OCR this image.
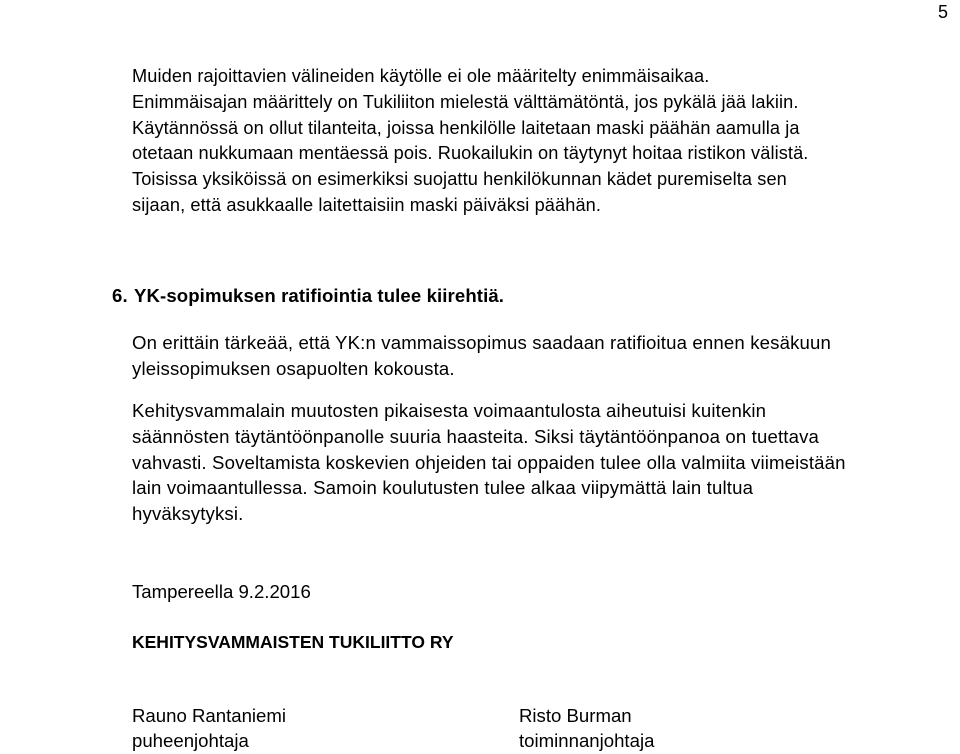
5

Muiden rajoittavien välineiden käytölle ei ole määritelty enimmäisaikaa.
Enimmäisajan määrittely on Tukiliiton mielestä välttämätöntä, jos pykälä jää lakiin.
Käytännössä on ollut tilanteita, joissa henkilölle laitetaan maski päähän aamulla ja
otetaan nukkumaan mentäessä pois. Ruokailukin on täytynyt hoitaa ristikon välistä.
Toisissa yksiköissä on esimerkiksi suojattu henkilökunnan kädet puremiselta sen
sijaan, että asukkaalle laitettaisiin maski päiväksi päähän.

6. YK-sopimuksen ratifiointia tulee kiirehtiä.

On erittäin tärkeää, että YK:n vammaissopimus saadaan ratifioitua ennen kesäkuun
yleissopimuksen osapuolten kokousta.

Kehitysvammalain muutosten pikaisesta voimaantulosta aiheutuisi kuitenkin
säännösten täytäntöönpanolle suuria haasteita. Siksi täytäntöönpanoa on tuettava
vahvasti. Soveltamista koskevien ohjeiden tai oppaiden tulee olla valmiita viimeistään
lain voimaantullessa. Samoin koulutusten tulee alkaa viipymättä lain tultua
hyväksytyksi.

Tampereella 9.2.2016

KEHITYSVAMMAISTEN TUKILIITTO RY

Rauno Rantaniemi
puheenjohtaja
Risto Burman
toiminnanjohtaja
